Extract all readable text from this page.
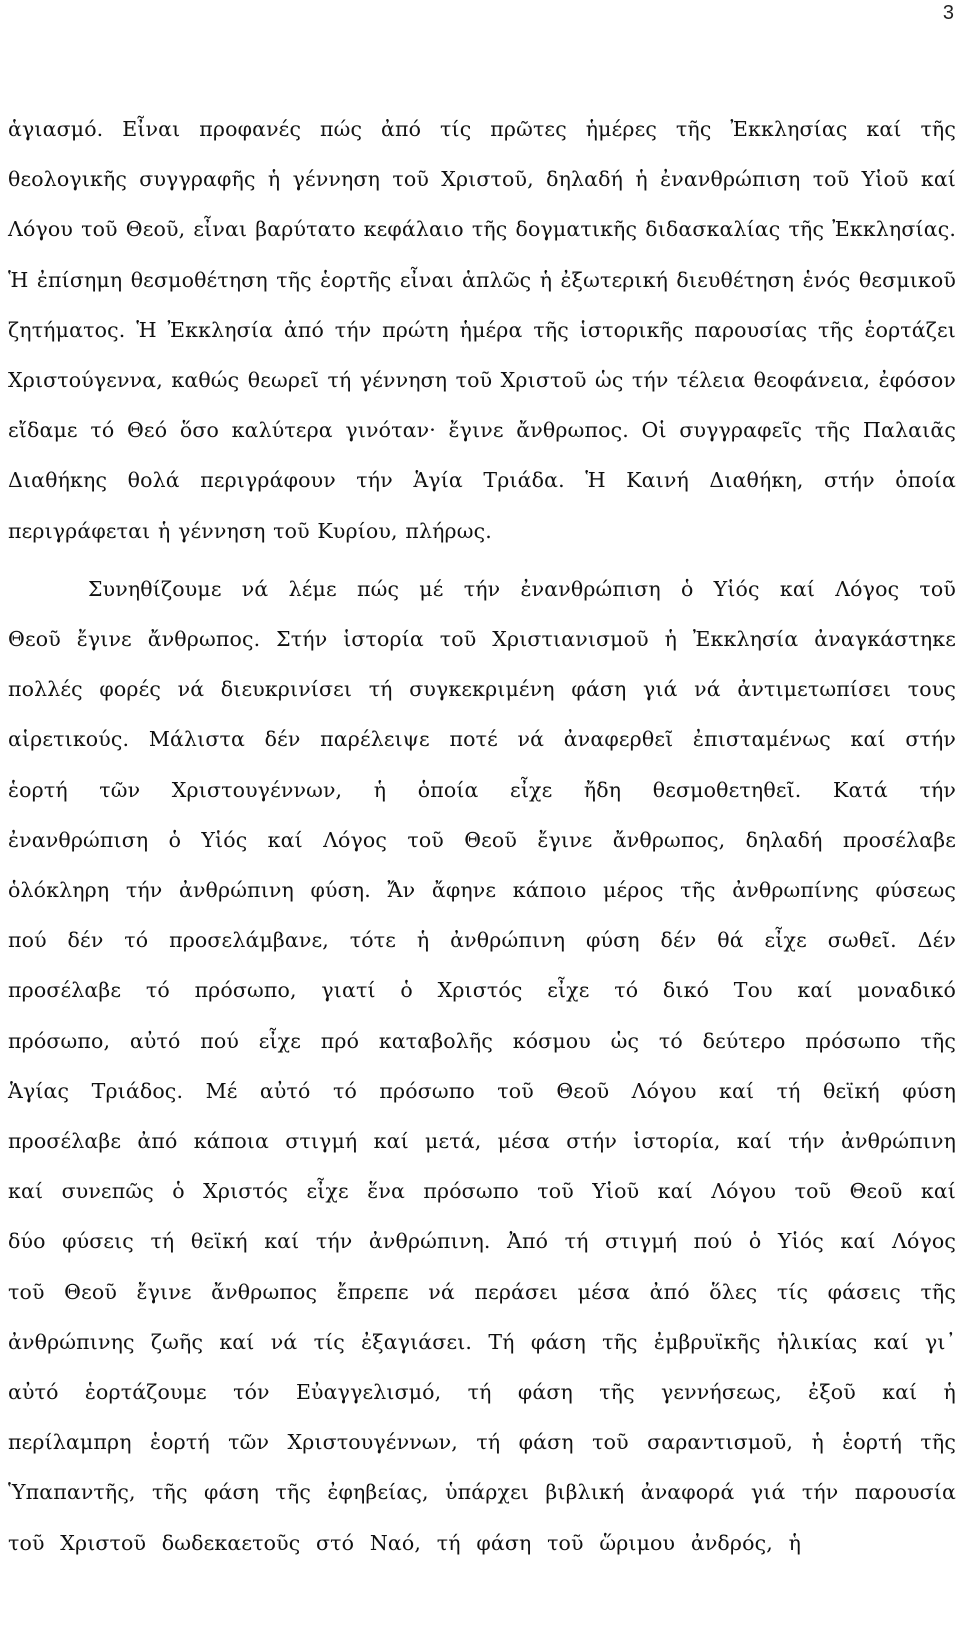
3

ἁγιασμό. Εἶναι προφανές πώς ἀπό τίς πρῶτες ἡμέρες τῆς Ἐκκλησίας καί τῆς θεολογικῆς συγγραφῆς ἡ γέννηση τοῦ Χριστοῦ, δηλαδή ἡ ἐνανθρώπιση τοῦ Υἱοῦ καί Λόγου τοῦ Θεοῦ, εἶναι βαρύτατο κεφάλαιο τῆς δογματικῆς διδασκαλίας τῆς Ἐκκλησίας. Ἡ ἐπίσημη θεσμοθέτηση τῆς ἑορτῆς εἶναι ἁπλῶς ἡ ἐξωτερική διευθέτηση ἑνός θεσμικοῦ ζητήματος. Ἡ Ἐκκλησία ἀπό τήν πρώτη ἡμέρα τῆς ἱστορικῆς παρουσίας τῆς ἑορτάζει Χριστούγεννα, καθώς θεωρεῖ τή γέννηση τοῦ Χριστοῦ ὡς τήν τέλεια θεοφάνεια, ἐφόσον εἴδαμε τό Θεό ὅσο καλύτερα γινόταν· ἔγινε ἄνθρωπος. Οἱ συγγραφεῖς τῆς Παλαιᾶς Διαθήκης θολά περιγράφουν τήν Ἁγία Τριάδα. Ἡ Καινή Διαθήκη, στήν ὁποία περιγράφεται ἡ γέννηση τοῦ Κυρίου, πλήρως.

Συνηθίζουμε νά λέμε πώς μέ τήν ἐνανθρώπιση ὁ Υἱός καί Λόγος τοῦ Θεοῦ ἔγινε ἄνθρωπος. Στήν ἱστορία τοῦ Χριστιανισμοῦ ἡ Ἐκκλησία ἀναγκάστηκε πολλές φορές νά διευκρινίσει τή συγκεκριμένη φάση γιά νά ἀντιμετωπίσει τους αἱρετικούς. Μάλιστα δέν παρέλειψε ποτέ νά ἀναφερθεῖ ἐπισταμένως καί στήν ἑορτή τῶν Χριστουγέννων, ἡ ὁποία εἶχε ἤδη θεσμοθετηθεῖ. Κατά τήν ἐνανθρώπιση ὁ Υἱός καί Λόγος τοῦ Θεοῦ ἔγινε ἄνθρωπος, δηλαδή προσέλαβε ὁλόκληρη τήν ἀνθρώπινη φύση. Ἄν ἄφηνε κάποιο μέρος τῆς ἀνθρωπίνης φύσεως πού δέν τό προσελάμβανε, τότε ἡ ἀνθρώπινη φύση δέν θά εἶχε σωθεῖ. Δέν προσέλαβε τό πρόσωπο, γιατί ὁ Χριστός εἶχε τό δικό Του καί μοναδικό πρόσωπο, αὐτό πού εἶχε πρό καταβολῆς κόσμου ὡς τό δεύτερο πρόσωπο τῆς Ἁγίας Τριάδος. Μέ αὐτό τό πρόσωπο τοῦ Θεοῦ Λόγου καί τή θεϊκή φύση προσέλαβε ἀπό κάποια στιγμή καί μετά, μέσα στήν ἱστορία, καί τήν ἀνθρώπινη καί συνεπῶς ὁ Χριστός εἶχε ἕνα πρόσωπο τοῦ Υἱοῦ καί Λόγου τοῦ Θεοῦ καί δύο φύσεις τή θεϊκή καί τήν ἀνθρώπινη. Ἀπό τή στιγμή πού ὁ Υἱός καί Λόγος τοῦ Θεοῦ ἔγινε ἄνθρωπος ἔπρεπε νά περάσει μέσα ἀπό ὅλες τίς φάσεις τῆς ἀνθρώπινης ζωῆς καί νά τίς ἐξαγιάσει. Τή φάση τῆς ἐμβρυϊκῆς ἡλικίας καί γι᾽ αὐτό ἑορτάζουμε τόν Εὐαγγελισμό, τή φάση τῆς γεννήσεως, ἐξοῦ καί ἡ περίλαμπρη ἑορτή τῶν Χριστουγέννων, τή φάση τοῦ σαραντισμοῦ, ἡ ἑορτή τῆς Ὑπαπαντῆς, τῆς φάση τῆς ἐφηβείας, ὑπάρχει βιβλική ἀναφορά γιά τήν παρουσία τοῦ Χριστοῦ δωδεκαετοῦς στό Ναό, τή φάση τοῦ ὥριμου ἀνδρός, ἡ
